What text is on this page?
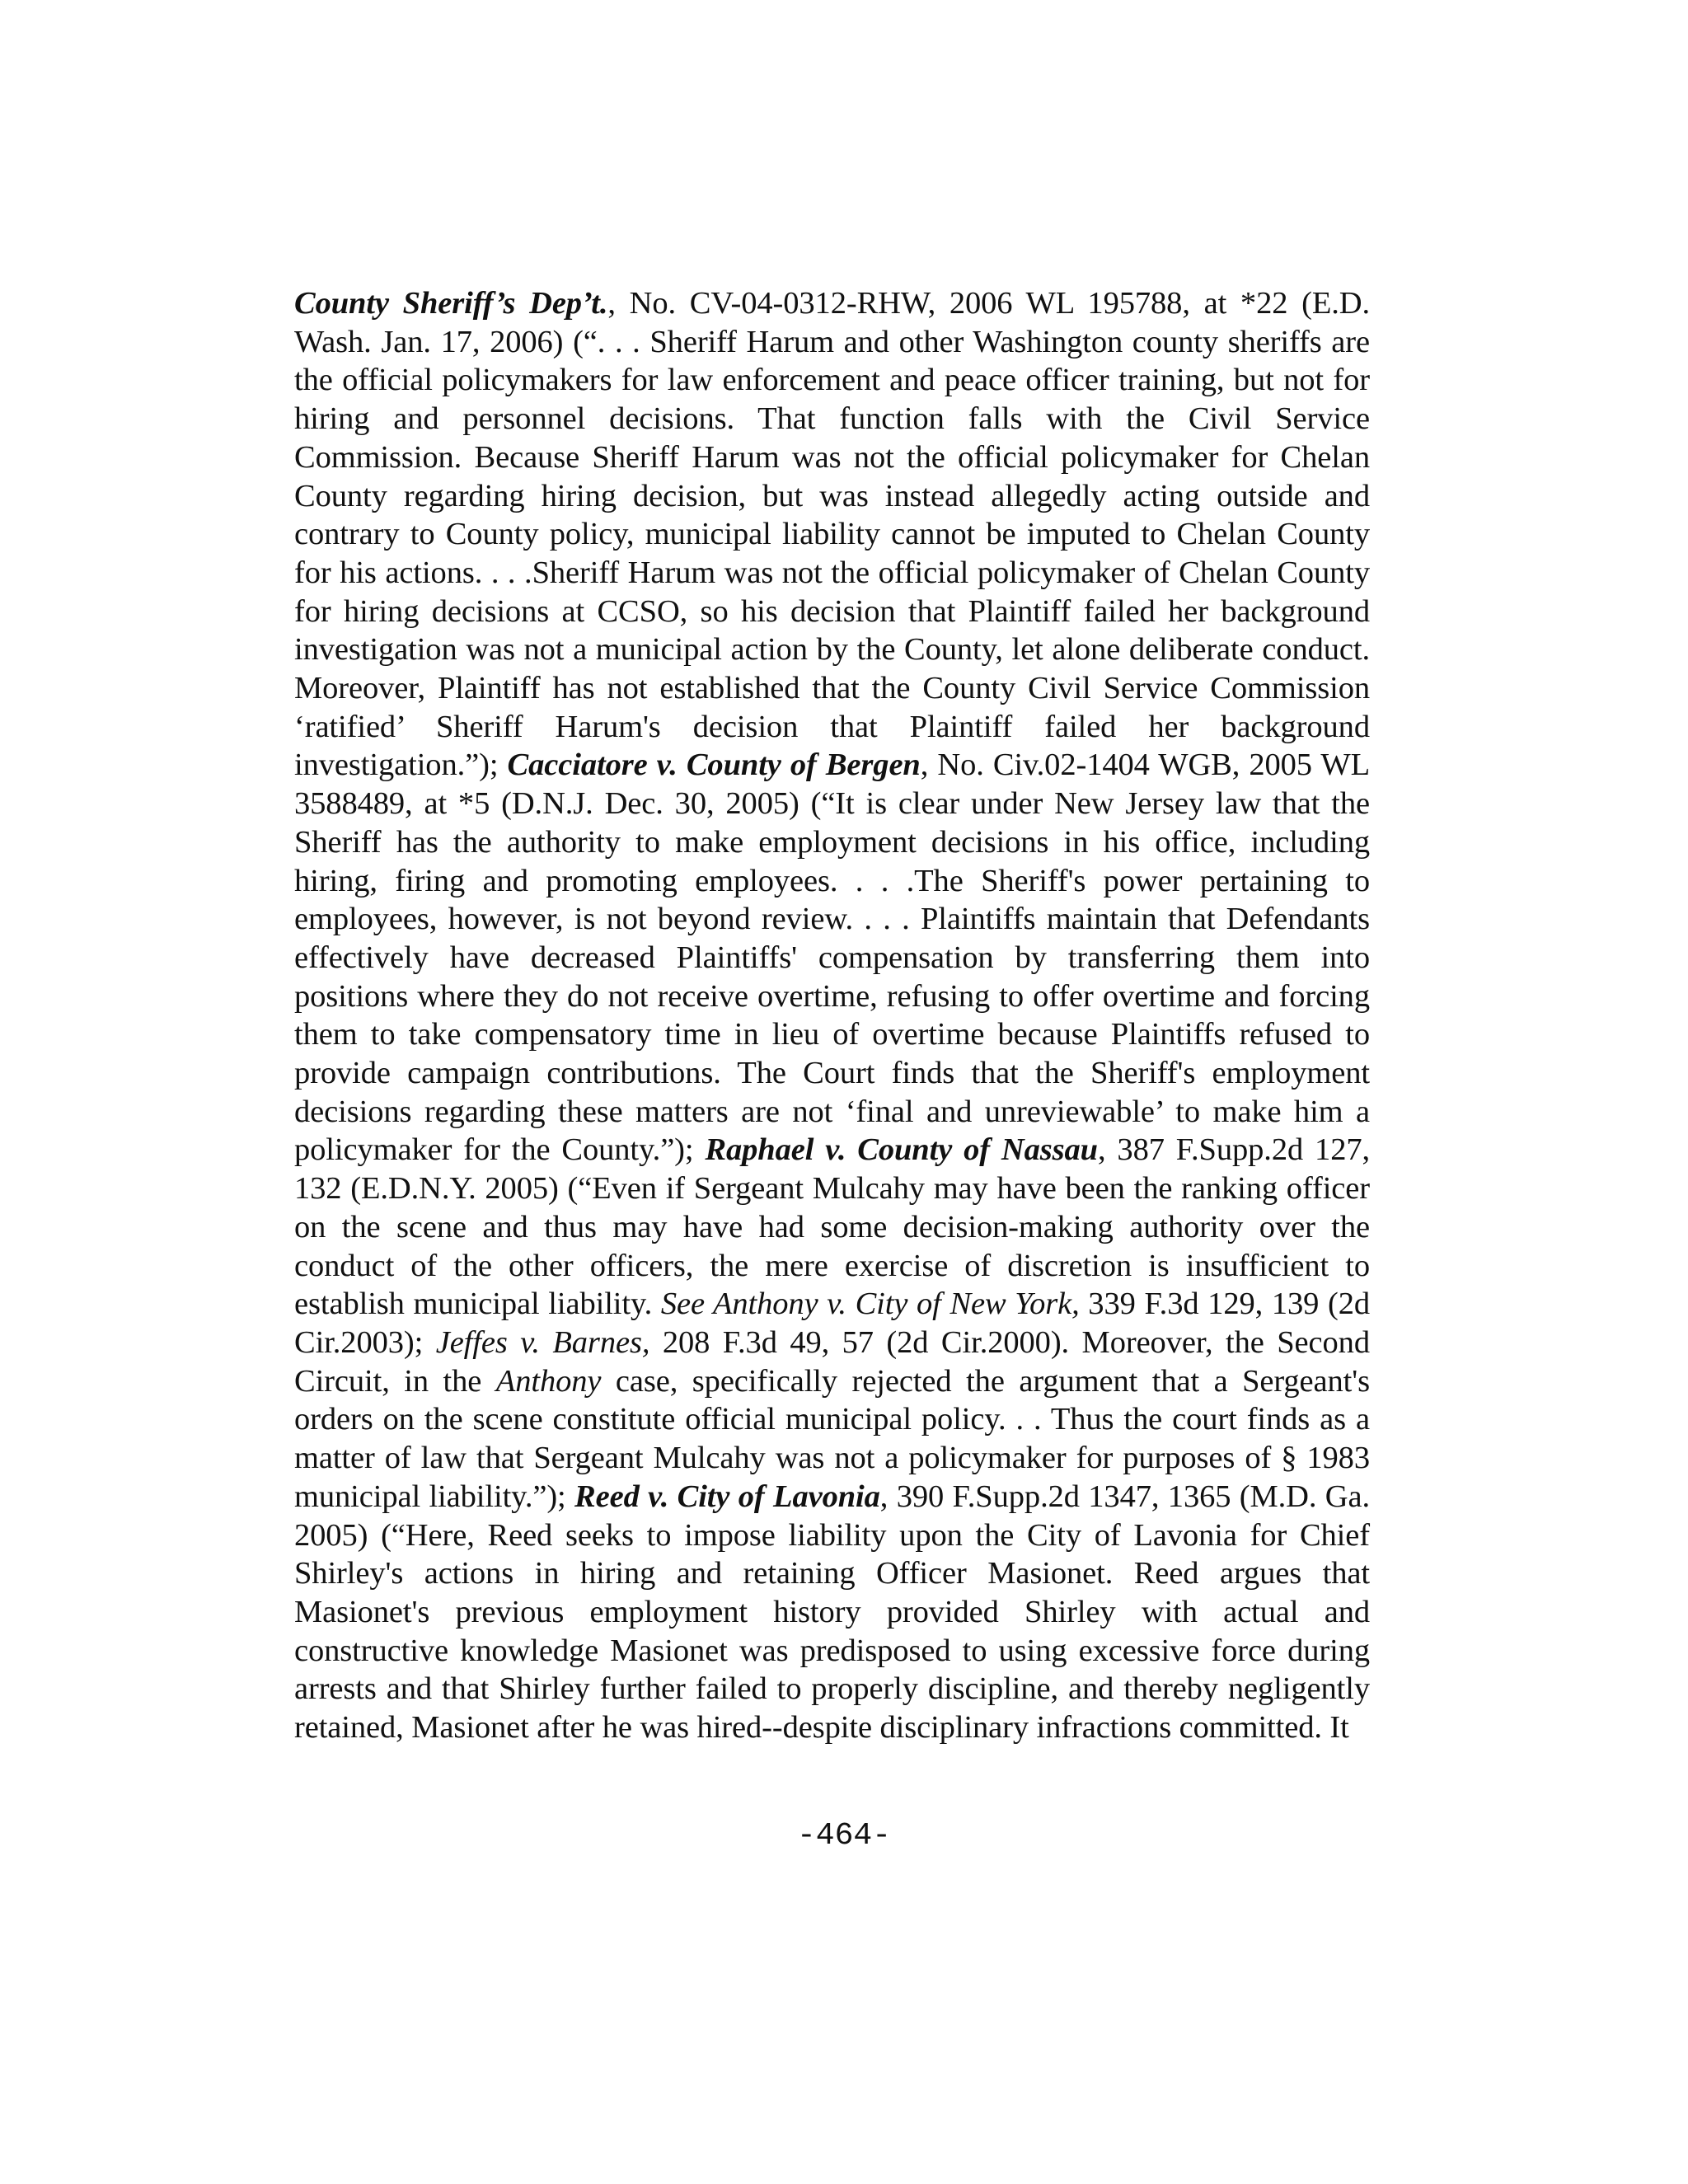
County Sheriff’s Dep’t., No. CV-04-0312-RHW, 2006 WL 195788, at *22 (E.D. Wash. Jan. 17, 2006) (“. . . Sheriff Harum and other Washington county sheriffs are the official policymakers for law enforcement and peace officer training, but not for hiring and personnel decisions. That function falls with the Civil Service Commission. Because Sheriff Harum was not the official policymaker for Chelan County regarding hiring decision, but was instead allegedly acting outside and contrary to County policy, municipal liability cannot be imputed to Chelan County for his actions. . . .Sheriff Harum was not the official policymaker of Chelan County for hiring decisions at CCSO, so his decision that Plaintiff failed her background investigation was not a municipal action by the County, let alone deliberate conduct. Moreover, Plaintiff has not established that the County Civil Service Commission ‘ratified’ Sheriff Harum's decision that Plaintiff failed her background investigation.”); Cacciatore v. County of Bergen, No. Civ.02-1404 WGB, 2005 WL 3588489, at *5 (D.N.J. Dec. 30, 2005) (“It is clear under New Jersey law that the Sheriff has the authority to make employment decisions in his office, including hiring, firing and promoting employees. . . .The Sheriff's power pertaining to employees, however, is not beyond review. . . . Plaintiffs maintain that Defendants effectively have decreased Plaintiffs' compensation by transferring them into positions where they do not receive overtime, refusing to offer overtime and forcing them to take compensatory time in lieu of overtime because Plaintiffs refused to provide campaign contributions. The Court finds that the Sheriff's employment decisions regarding these matters are not ‘final and unreviewable’ to make him a policymaker for the County.”); Raphael v. County of Nassau, 387 F.Supp.2d 127, 132 (E.D.N.Y. 2005) (“Even if Sergeant Mulcahy may have been the ranking officer on the scene and thus may have had some decision-making authority over the conduct of the other officers, the mere exercise of discretion is insufficient to establish municipal liability. See Anthony v. City of New York, 339 F.3d 129, 139 (2d Cir.2003); Jeffes v. Barnes, 208 F.3d 49, 57 (2d Cir.2000). Moreover, the Second Circuit, in the Anthony case, specifically rejected the argument that a Sergeant's orders on the scene constitute official municipal policy. . . Thus the court finds as a matter of law that Sergeant Mulcahy was not a policymaker for purposes of § 1983 municipal liability.”); Reed v. City of Lavonia, 390 F.Supp.2d 1347, 1365 (M.D. Ga. 2005) (“Here, Reed seeks to impose liability upon the City of Lavonia for Chief Shirley's actions in hiring and retaining Officer Masionet. Reed argues that Masionet's previous employment history provided Shirley with actual and constructive knowledge Masionet was predisposed to using excessive force during arrests and that Shirley further failed to properly discipline, and thereby negligently retained, Masionet after he was hired--despite disciplinary infractions committed. It

-464-
